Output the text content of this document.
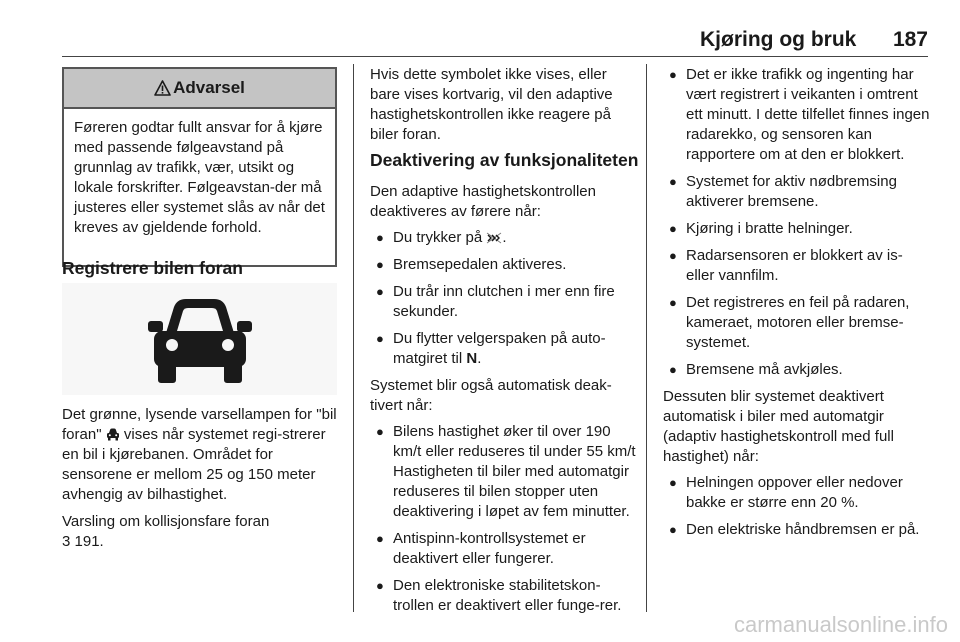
Kjøring og bruk	187
Advarsel
Føreren godtar fullt ansvar for å kjøre med passende følgeavstand på grunnlag av trafikk, vær, utsikt og lokale forskrifter. Følgeavstan-der må justeres eller systemet slås av når det kreves av gjeldende forhold.
Registrere bilen foran

Det grønne, lysende varsellampen for "bil foran" vises når systemet regi-strerer en bil i kjørebanen. Området for sensorene er mellom 25 og 150 meter avhengig av bilhastighet.

Varsling om kollisjonsfare foran
3 191.

Hvis dette symbolet ikke vises, eller bare vises kortvarig, vil den adaptive hastighetskontrollen ikke reagere på biler foran.
Deaktivering av funksjonaliteten

Den adaptive hastighetskontrollen deaktiveres av førere når:

● Du trykker på .
● Bremsepedalen aktiveres.
● Du trår inn clutchen i mer enn fire sekunder.
● Du flytter velgerspaken på auto-matgiret til N.

Systemet blir også automatisk deak-tivert når:

● Bilens hastighet øker til over 190 km/t eller reduseres til under 55 km/t Hastigheten til biler med automatgir reduseres til bilen stopper uten deaktivering i løpet av fem minutter.
● Antispinn-kontrollsystemet er deaktivert eller fungerer.
● Den elektroniske stabilitetskon-trollen er deaktivert eller funge-rer.
● Det er ikke trafikk og ingenting har vært registrert i veikanten i omtrent ett minutt. I dette tilfellet finnes ingen radarekko, og sensoren kan rapportere om at den er blokkert.
● Systemet for aktiv nødbremsing aktiverer bremsene.
● Kjøring i bratte helninger.
● Radarsensoren er blokkert av is- eller vannfilm.
● Det registreres en feil på radaren, kameraet, motoren eller bremse-systemet.
● Bremsene må avkjøles.

Dessuten blir systemet deaktivert automatisk i biler med automatgir (adaptiv hastighetskontroll med full hastighet) når:

● Helningen oppover eller nedover bakke er større enn 20 %.
● Den elektriske håndbremsen er på.
carmanualsonline.info
